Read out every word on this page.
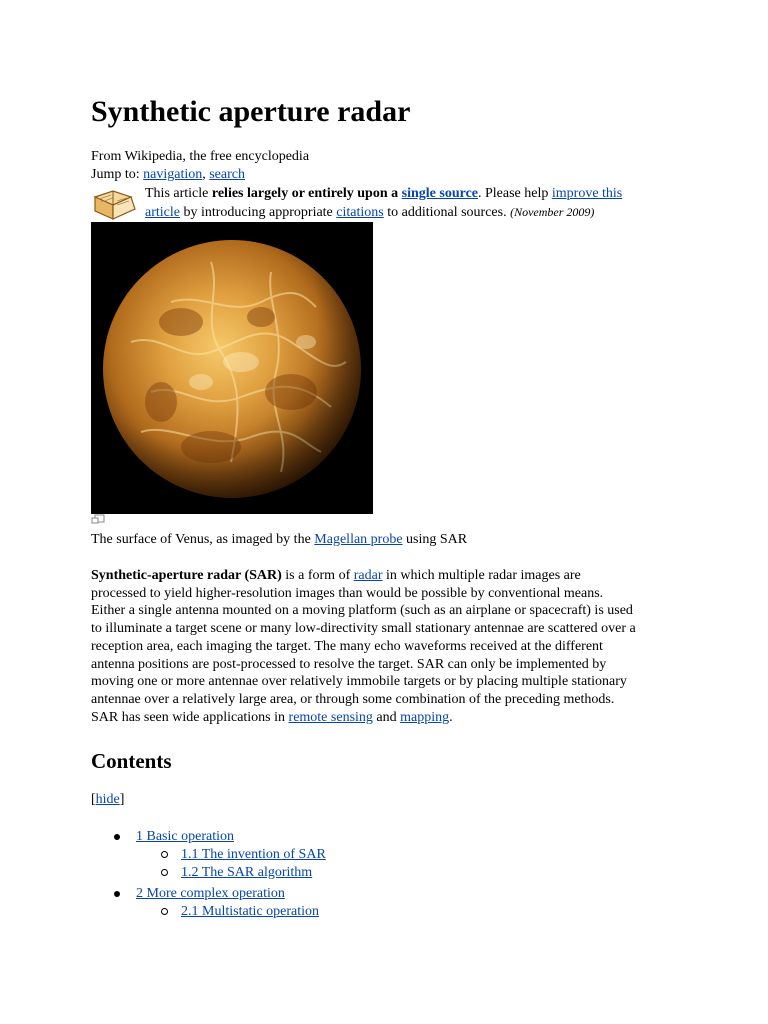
Synthetic aperture radar
From Wikipedia, the free encyclopedia
Jump to: navigation, search
This article relies largely or entirely upon a single source. Please help improve this
article by introducing appropriate citations to additional sources. (November 2009)
The surface of Venus, as imaged by the Magellan probe using SAR

Synthetic-aperture radar (SAR) is a form of radar in which multiple radar images are
processed to yield higher-resolution images than would be possible by conventional means.
Either a single antenna mounted on a moving platform (such as an airplane or spacecraft) is used
to illuminate a target scene or many low-directivity small stationary antennae are scattered over a
reception area, each imaging the target. The many echo waveforms received at the different
antenna positions are post-processed to resolve the target. SAR can only be implemented by
moving one or more antennae over relatively immobile targets or by placing multiple stationary
antennae over a relatively large area, or through some combination of the preceding methods.
SAR has seen wide applications in remote sensing and mapping.

Contents
[hide]
1 Basic operation
1.1 The invention of SAR
1.2 The SAR algorithm
2 More complex operation
2.1 Multistatic operation
